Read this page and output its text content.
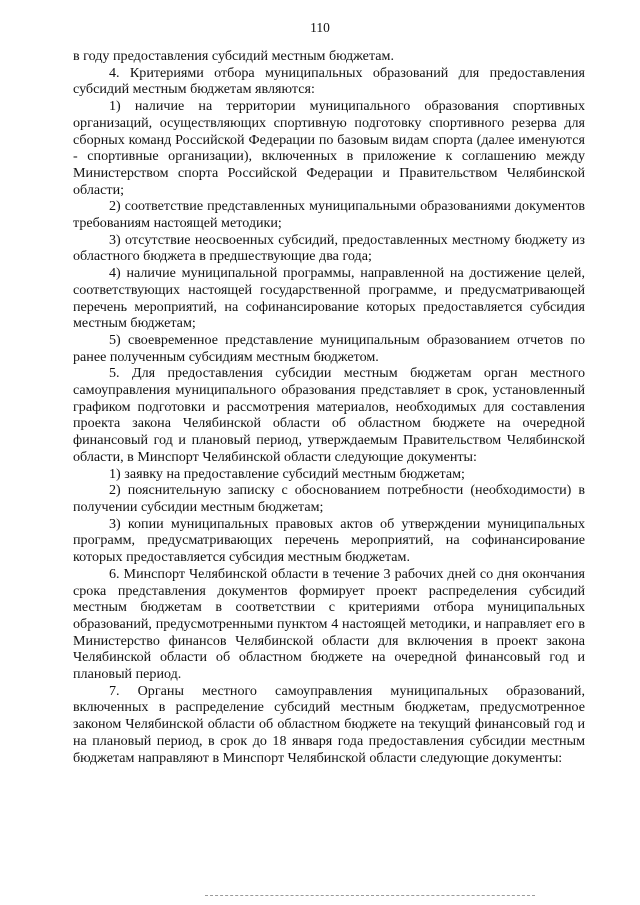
110

в году предоставления субсидий местным бюджетам.

4. Критериями отбора муниципальных образований для предоставления субсидий местным бюджетам являются:

1) наличие на территории муниципального образования спортивных организаций, осуществляющих спортивную подготовку спортивного резерва для сборных команд Российской Федерации по базовым видам спорта (далее именуются - спортивные организации), включенных в приложение к соглашению между Министерством спорта Российской Федерации и Правительством Челябинской области;

2) соответствие представленных муниципальными образованиями документов требованиям настоящей методики;

3) отсутствие неосвоенных субсидий, предоставленных местному бюджету из областного бюджета в предшествующие два года;

4) наличие муниципальной программы, направленной на достижение целей, соответствующих настоящей государственной программе, и предусматривающей перечень мероприятий, на софинансирование которых предоставляется субсидия местным бюджетам;

5) своевременное представление муниципальным образованием отчетов по ранее полученным субсидиям местным бюджетом.

5. Для предоставления субсидии местным бюджетам орган местного самоуправления муниципального образования представляет в срок, установленный графиком подготовки и рассмотрения материалов, необходимых для составления проекта закона Челябинской области об областном бюджете на очередной финансовый год и плановый период, утверждаемым Правительством Челябинской области, в Минспорт Челябинской области следующие документы:

1) заявку на предоставление субсидий местным бюджетам;

2) пояснительную записку с обоснованием потребности (необходимости) в получении субсидии местным бюджетам;

3) копии муниципальных правовых актов об утверждении муниципальных программ, предусматривающих перечень мероприятий, на софинансирование которых предоставляется субсидия местным бюджетам.

6. Минспорт Челябинской области в течение 3 рабочих дней со дня окончания срока представления документов формирует проект распределения субсидий местным бюджетам в соответствии с критериями отбора муниципальных образований, предусмотренными пунктом 4 настоящей методики, и направляет его в Министерство финансов Челябинской области для включения в проект закона Челябинской области об областном бюджете на очередной финансовый год и плановый период.

7. Органы местного самоуправления муниципальных образований, включенных в распределение субсидий местным бюджетам, предусмотренное законом Челябинской области об областном бюджете на текущий финансовый год и на плановый период, в срок до 18 января года предоставления субсидии местным бюджетам направляют в Минспорт Челябинской области следующие документы:
